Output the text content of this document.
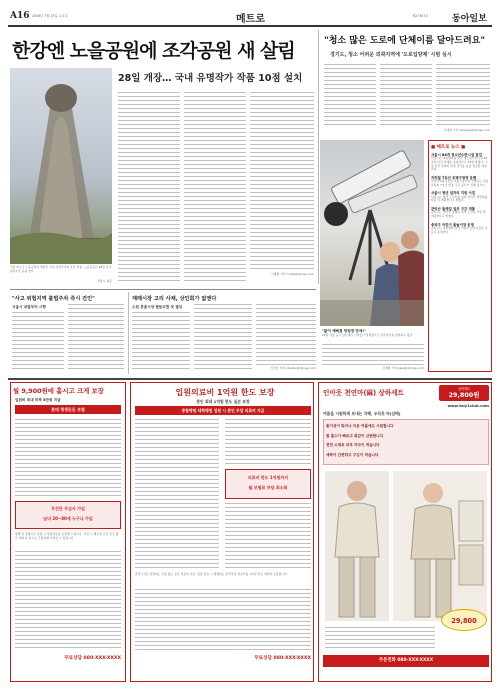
A16 2008년 7월 23일 수요일	메트로	제27367호	동아일보
한강엔 노을공원에 조각공원 새 살림
28일 개장… 국내 유명작가 작품 10점 설치
서울 마포구 노을공원에 세워진 국내 유명작가의 조각 작품. 노을공원은 28일 조각공원으로 문을 연다.
서울시 제공
이세형 기자 turtle@donga.com
"청소 많은 도로에 단체이름 달아드려요"
경기도, 청소 어려운 외곽지역에 '도로입양제' 시범 실시
이새샘 기자 iamsam@donga.com
"닮이 예뻐졌 망원경 만세!"
22일 서울 중구 남산에서 시민들이 망원경으로 부분일식을 관찰하고 있다.
"사고 위험지역 불법주차 즉시 견인"
서울시 내달부터 시행
재래시장 고리 사채, 상인회가 없앤다
수원 못골시장 협동조합 첫 결성
이성호 기자 starsky@donga.com	김재명 기자 base@donga.com
■ 메트로 뉴스 ■
서울시 84개 청소년수련시설 점검
서울시는 여름방학을 맞아 청소년수련시설 84곳의 안전 상태를 점검한다고 22일 밝혔다. 시설 안전 상태와 위생 관리를 집중 점검할 예정이다.
지하철 7호선 부평구청역 운행
인천지하철 1호선 부평구청역과 연결되는 서울지하철 7호선 연장 구간 공사가 진행 중이다.
서울시 청년 일자리 지원 사업
서울시는 청년 구직자를 위한 일자리 박람회를 다음 달 개최한다고 밝혔다.
관악산 둘레길 일부 구간 개통
관악구는 관악산 둘레길 일부 구간을 이달 말 개통한다고 밝혔다.
송파구 어린이 물놀이장 운영
송파구는 여름방학 동안 어린이 물놀이장을 무료로 운영한다.
월 9,900원에 홀시고 크게 보장
입원비 최대 하루 5만원 지급
롯데 평생든든 보험
무진단 무심사 가입
남녀 20~80세 누구나 가입
상해 및 질병으로 입원 시 입원일당을 보장해 드립니다. 가입 시 별도의 건강 진단 없이 전화 한 통으로 간편하게 가입할 수 있습니다.
무료상담 080-XXX-XXXX
입원의료비 1억원 한도 보장
본인 최대 1억원 한도 실손 보장
종합병원·대학병원 입원 시 본인 부담 의료비 지급
의료비 한도 1억원까지
월 보험료 부담 최소화
갑작스러운 입원에도 걱정 없는 실손 의료비 보장. 입원 치료 시 발생하는 본인부담 의료비를 1억원 한도 내에서 보장합니다.
무료상담 080-XXX-XXXX
인아웃 천연마(麻) 상하세트	상하세트
29,800원
www.buy1club.com
여름을 시원하게 보내는 지혜, 우리옷 마(삼베)
통기성이 뛰어나 더운 여름에도 시원합니다
땀 흡수가 빠르고 촉감이 산뜻합니다
천연 소재로 피부 자극이 적습니다
세탁이 간편하고 구김이 적습니다
29,800
주문전화 080-XXX-XXXX
